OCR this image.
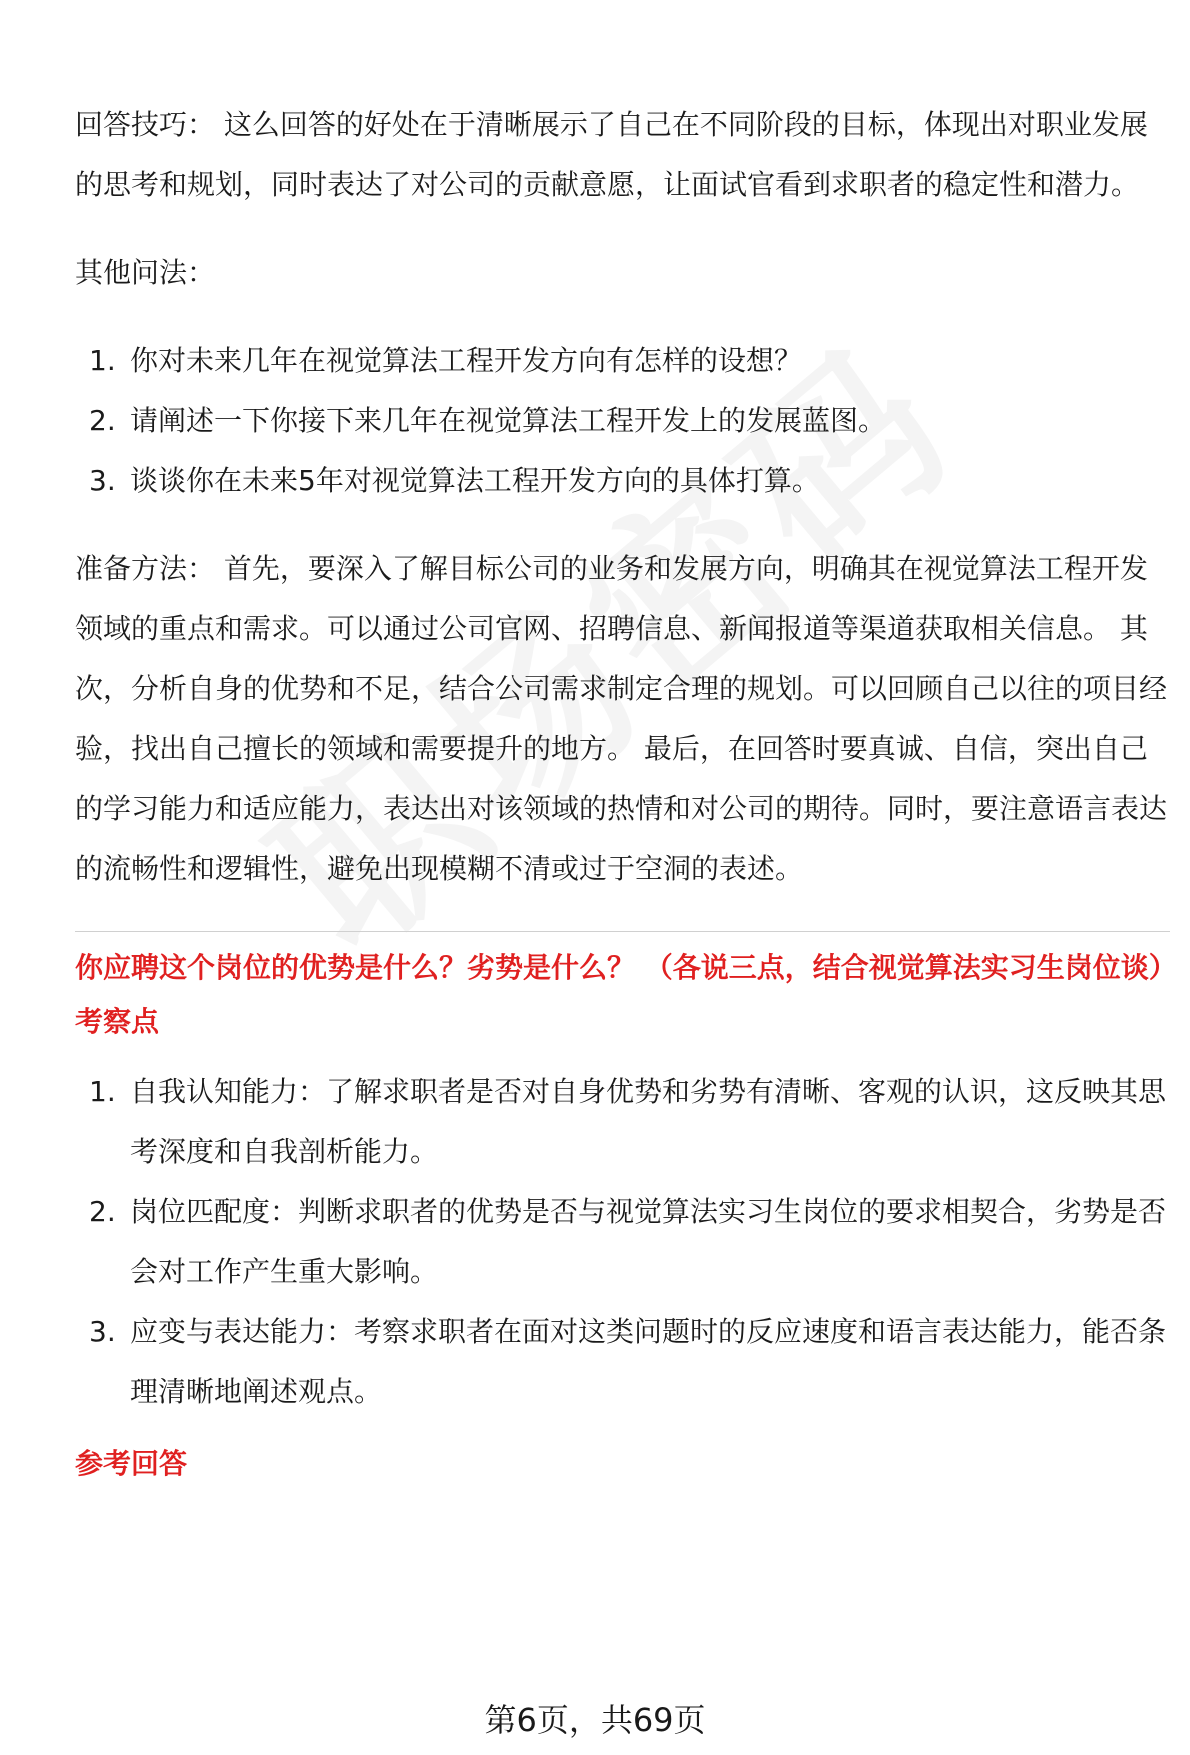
回答技巧： 这么回答的好处在于清晰展示了自己在不同阶段的目标，体现出对职业发展的思考和规划，同时表达了对公司的贡献意愿，让面试官看到求职者的稳定性和潜力。

其他问法：

1. 你对未来几年在视觉算法工程开发方向有怎样的设想？
2. 请阐述一下你接下来几年在视觉算法工程开发上的发展蓝图。
3. 谈谈你在未来5年对视觉算法工程开发方向的具体打算。

准备方法： 首先，要深入了解目标公司的业务和发展方向，明确其在视觉算法工程开发领域的重点和需求。可以通过公司官网、招聘信息、新闻报道等渠道获取相关信息。 其次，分析自身的优势和不足，结合公司需求制定合理的规划。可以回顾自己以往的项目经验，找出自己擅长的领域和需要提升的地方。 最后，在回答时要真诚、自信，突出自己的学习能力和适应能力，表达出对该领域的热情和对公司的期待。同时，要注意语言表达的流畅性和逻辑性，避免出现模糊不清或过于空洞的表述。

你应聘这个岗位的优势是什么？劣势是什么？ （各说三点，结合视觉算法实习生岗位谈）

考察点

1. 自我认知能力：了解求职者是否对自身优势和劣势有清晰、客观的认识，这反映其思考深度和自我剖析能力。
2. 岗位匹配度：判断求职者的优势是否与视觉算法实习生岗位的要求相契合，劣势是否会对工作产生重大影响。
3. 应变与表达能力：考察求职者在面对这类问题时的反应速度和语言表达能力，能否条理清晰地阐述观点。

参考回答

第6页，共69页
